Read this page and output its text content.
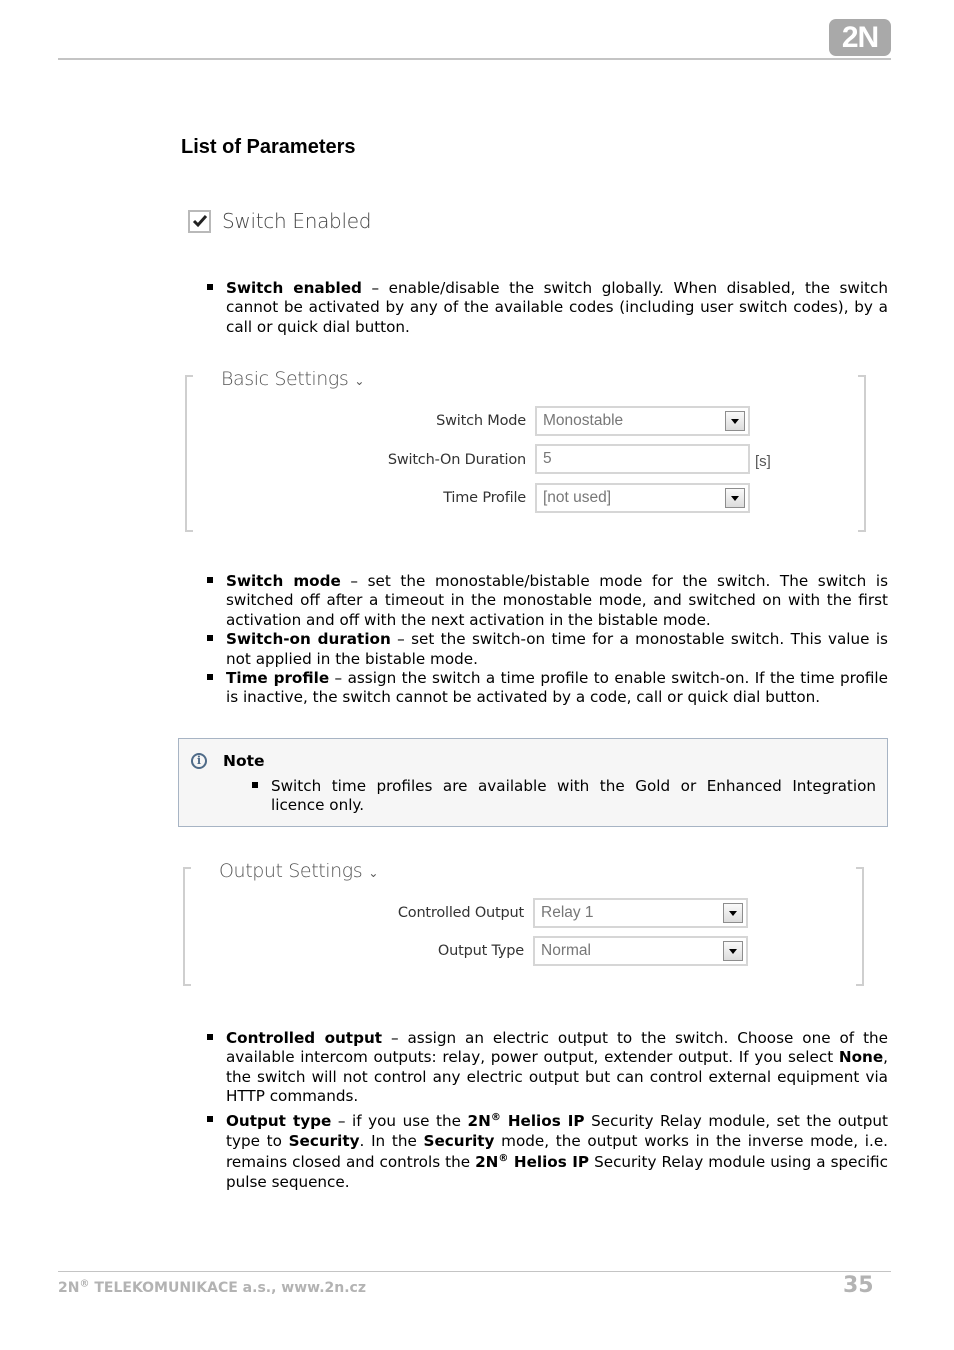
2N
List of Parameters
Switch Enabled
Switch enabled – enable/disable the switch globally. When disabled, the switch cannot be activated by any of the available codes (including user switch codes), by a call or quick dial button.
Basic Settings ⌄
Switch Mode	Monostable
Switch-On Duration	5	[s]
Time Profile	[not used]
Switch mode – set the monostable/bistable mode for the switch. The switch is switched off after a timeout in the monostable mode, and switched on with the first activation and off with the next activation in the bistable mode.
Switch-on duration – set the switch-on time for a monostable switch. This value is not applied in the bistable mode.
Time profile – assign the switch a time profile to enable switch-on. If the time profile is inactive, the switch cannot be activated by a code, call or quick dial button.
i	Note
Switch time profiles are available with the Gold or Enhanced Integration licence only.
Output Settings ⌄
Controlled Output	Relay 1
Output Type	Normal
Controlled output – assign an electric output to the switch. Choose one of the available intercom outputs: relay, power output, extender output. If you select None, the switch will not control any electric output but can control external equipment via HTTP commands.
Output type – if you use the 2N® Helios IP Security Relay module, set the output type to Security. In the Security mode, the output works in the inverse mode, i.e. remains closed and controls the 2N® Helios IP Security Relay module using a specific pulse sequence.
2N® TELEKOMUNIKACE a.s., www.2n.cz	35
